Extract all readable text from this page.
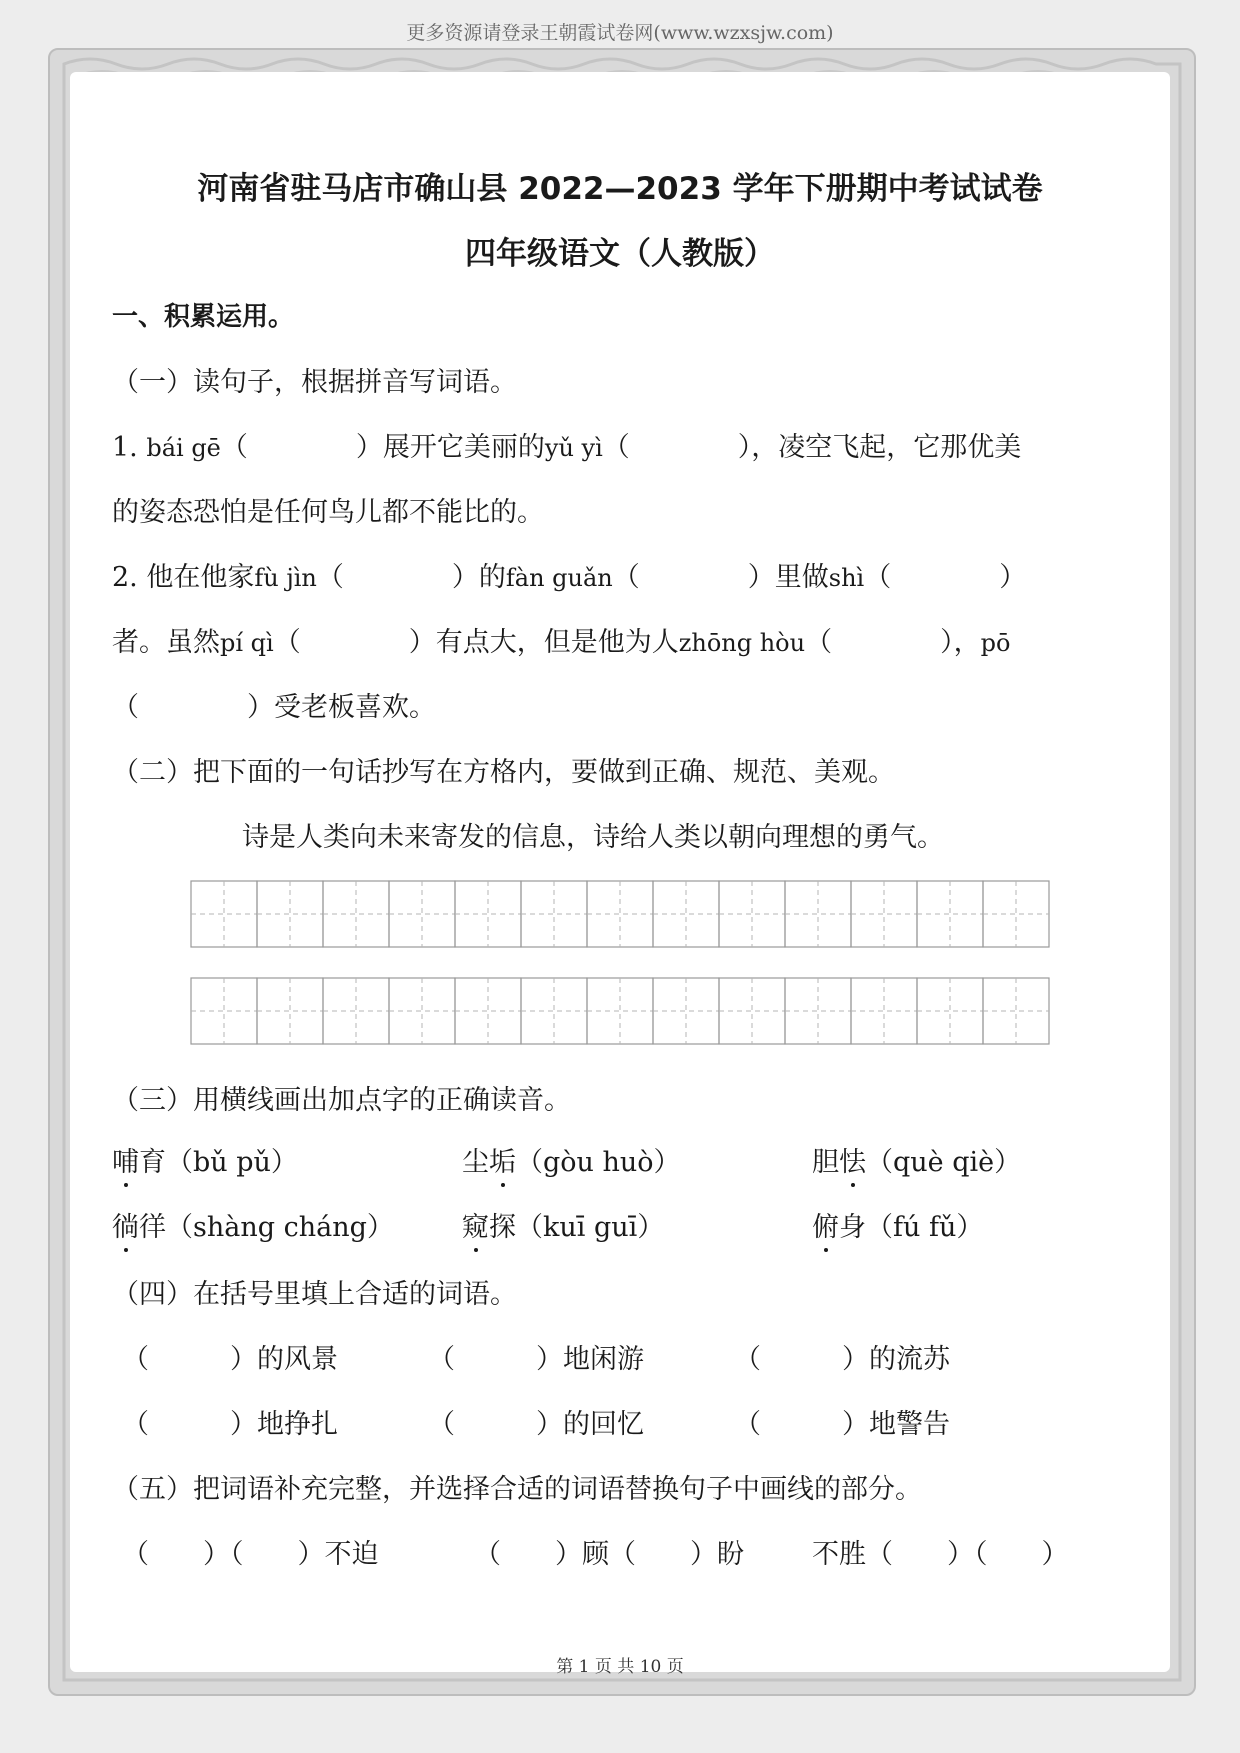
更多资源请登录王朝霞试卷网(www.wzxsjw.com)
河南省驻马店市确山县 2022—2023 学年下册期中考试试卷
四年级语文（人教版）
一、积累运用。
（一）读句子，根据拼音写词语。
1. bái gē（　　　　）展开它美丽的yǔ yì（　　　　），凌空飞起，它那优美
的姿态恐怕是任何鸟儿都不能比的。
2. 他在他家fù jìn（　　　　）的fàn guǎn（　　　　）里做shì（　　　　）
者。虽然pí qì（　　　　）有点大，但是他为人zhōng hòu（　　　　），pō
（　　　　）受老板喜欢。
（二）把下面的一句话抄写在方格内，要做到正确、规范、美观。
诗是人类向未来寄发的信息，诗给人类以朝向理想的勇气。
（三）用横线画出加点字的正确读音。
哺育（bǔ pǔ）	尘垢（gòu huò）	胆怯（què qiè）
徜徉（shàng cháng）	窥探（kuī guī）	俯身（fú fǔ）
（四）在括号里填上合适的词语。
（　　　）的风景	（　　　）地闲游	（　　　）的流苏
（　　　）地挣扎	（　　　）的回忆	（　　　）地警告
（五）把词语补充完整，并选择合适的词语替换句子中画线的部分。
（　　）（　　）不迫	（　　）顾（　　）盼	不胜（　　）（　　）
第 1 页 共 10 页
